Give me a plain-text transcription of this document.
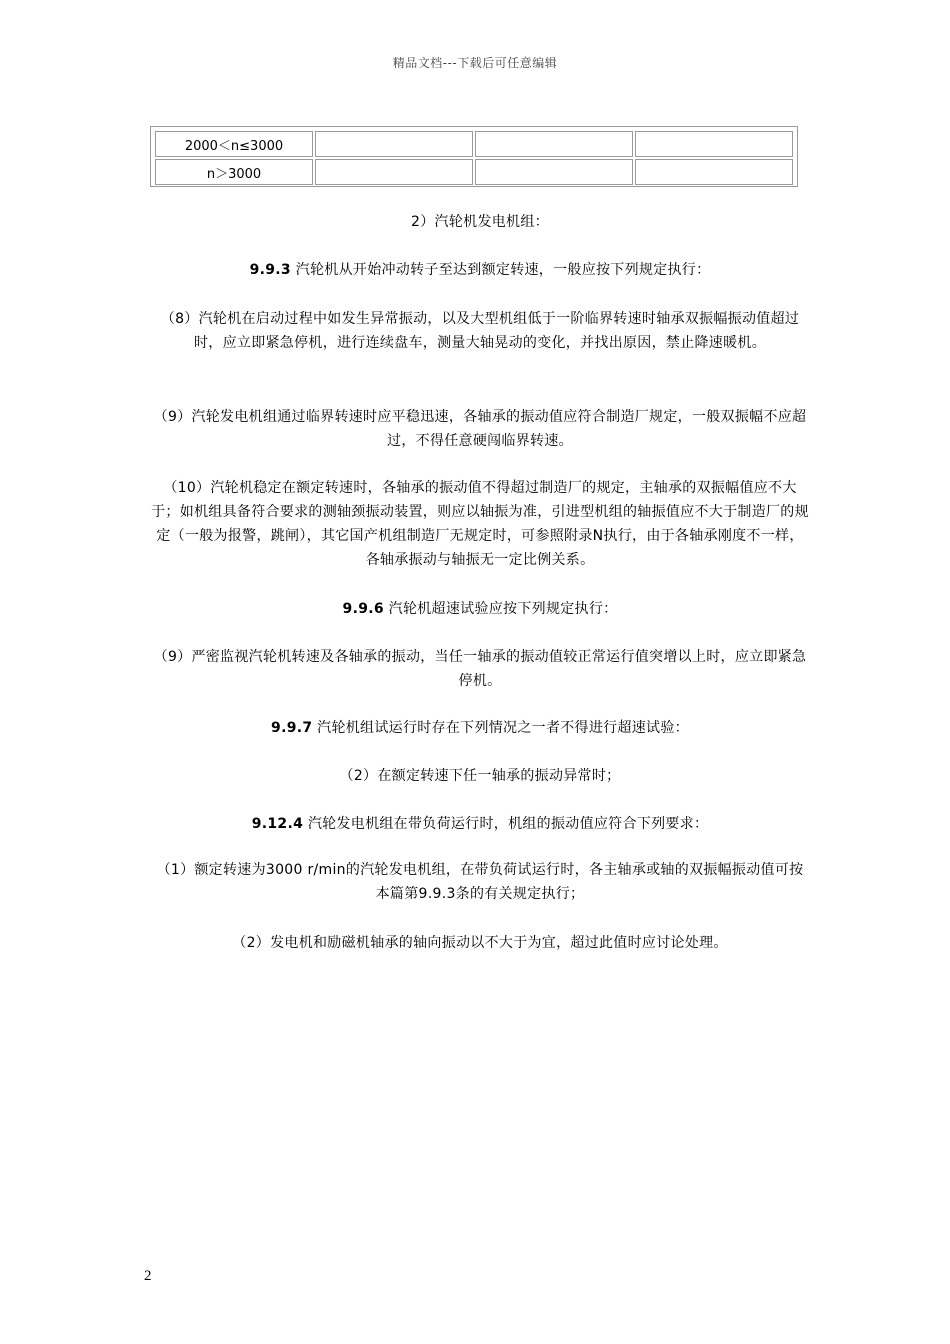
精品文档---下载后可任意编辑
2000＜n≤3000			
n＞3000			
2）汽轮机发电机组：
9.9.3 汽轮机从开始冲动转子至达到额定转速，一般应按下列规定执行：
（8）汽轮机在启动过程中如发生异常振动，以及大型机组低于一阶临界转速时轴承双振幅振动值超过时，应立即紧急停机，进行连续盘车，测量大轴晃动的变化，并找出原因，禁止降速暖机。
（9）汽轮发电机组通过临界转速时应平稳迅速，各轴承的振动值应符合制造厂规定，一般双振幅不应超过，不得任意硬闯临界转速。
（10）汽轮机稳定在额定转速时，各轴承的振动值不得超过制造厂的规定，主轴承的双振幅值应不大于；如机组具备符合要求的测轴颈振动装置，则应以轴振为准，引进型机组的轴振值应不大于制造厂的规定（一般为报警，跳闸），其它国产机组制造厂无规定时，可参照附录N执行，由于各轴承刚度不一样，各轴承振动与轴振无一定比例关系。
9.9.6 汽轮机超速试验应按下列规定执行：
（9）严密监视汽轮机转速及各轴承的振动，当任一轴承的振动值较正常运行值突增以上时，应立即紧急停机。
9.9.7 汽轮机组试运行时存在下列情况之一者不得进行超速试验：
（2）在额定转速下任一轴承的振动异常时；
9.12.4 汽轮发电机组在带负荷运行时，机组的振动值应符合下列要求：
（1）额定转速为3000 r/min的汽轮发电机组，在带负荷试运行时，各主轴承或轴的双振幅振动值可按本篇第9.9.3条的有关规定执行；
（2）发电机和励磁机轴承的轴向振动以不大于为宜，超过此值时应讨论处理。
2
